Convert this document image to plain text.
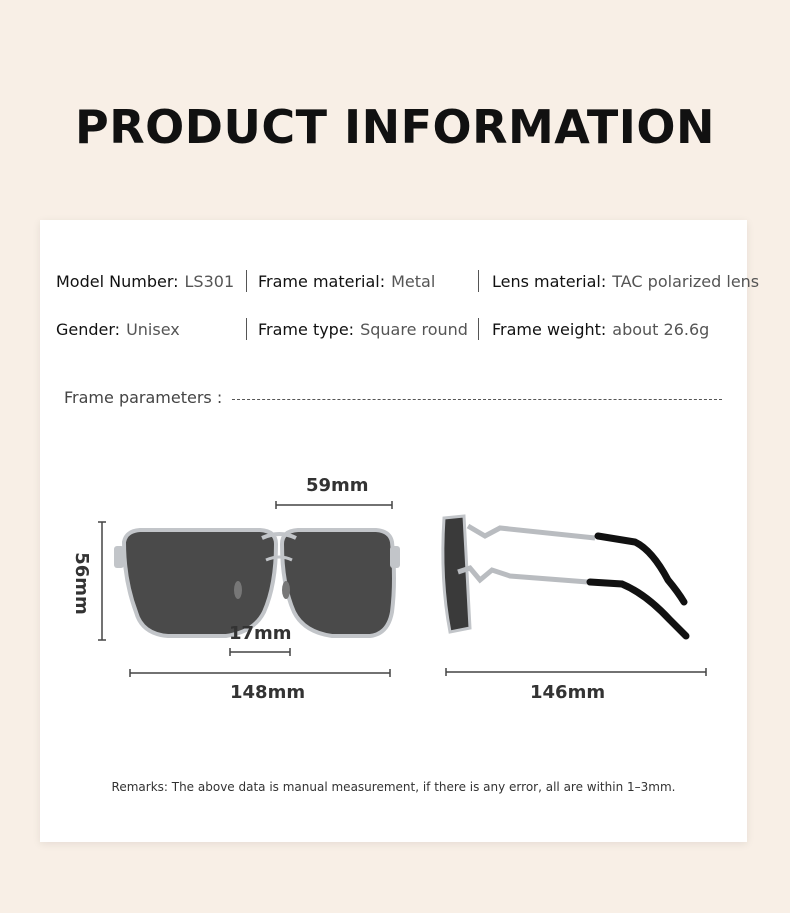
PRODUCT INFORMATION
Model Number: LS301 Frame material: Metal	Lens material: TAC polarized lens
Gender: Unisex	Frame type: Square round Frame weight: about 26.6g
Frame parameters :
59mm
56mm
17mm
148mm	146mm
Remarks: The above data is manual measurement, if there is any error, all are within 1–3mm.
